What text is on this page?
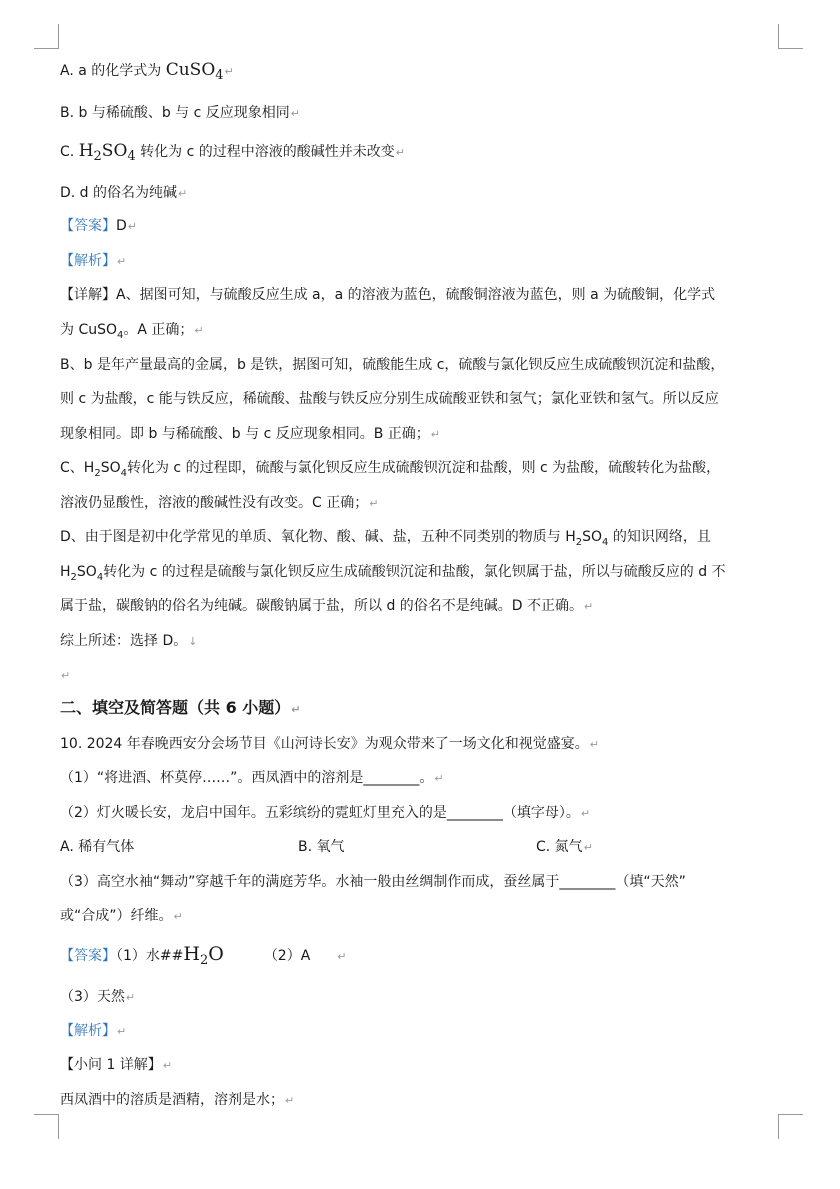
A. a 的化学式为 CuSO$_4$↵
B. b 与稀硫酸、b 与 c 反应现象相同↵
C. $H_2SO_4$ 转化为 c 的过程中溶液的酸碱性并未改变↵
D. d 的俗名为纯碱↵
【答案】D↵
【解析】↵
【详解】A、据图可知，与硫酸反应生成 a，a 的溶液为蓝色，硫酸铜溶液为蓝色，则 a 为硫酸铜，化学式
为 CuSO$_4$。A 正确；↵
B、b 是年产量最高的金属，b 是铁，据图可知，硫酸能生成 c，硫酸与氯化钡反应生成硫酸钡沉淀和盐酸，
则 c 为盐酸，c 能与铁反应，稀硫酸、盐酸与铁反应分别生成硫酸亚铁和氢气；氯化亚铁和氢气。所以反应
现象相同。即 b 与稀硫酸、b 与 c 反应现象相同。B 正确；↵
C、$H_2SO_4$转化为 c 的过程即，硫酸与氯化钡反应生成硫酸钡沉淀和盐酸，则 c 为盐酸，硫酸转化为盐酸，
溶液仍显酸性，溶液的酸碱性没有改变。C 正确；↵
D、由于图是初中化学常见的单质、氧化物、酸、碱、盐，五种不同类别的物质与 $H_2SO_4$ 的知识网络，且
$H_2SO_4$转化为 c 的过程是硫酸与氯化钡反应生成硫酸钡沉淀和盐酸，氯化钡属于盐，所以与硫酸反应的 d 不
属于盐，碳酸钠的俗名为纯碱。碳酸钠属于盐，所以 d 的俗名不是纯碱。D 不正确。↵
综上所述：选择 D。↓
↵
二、填空及简答题（共 6 小题）↵
10. 2024 年春晚西安分会场节目《山河诗长安》为观众带来了一场文化和视觉盛宴。↵
（1）“将进酒、杯莫停……”。西凤酒中的溶剂是________。↵
（2）灯火暖长安，龙启中国年。五彩缤纷的霓虹灯里充入的是________（填字母）。↵
A. 稀有气体	B. 氧气	C. 氮气↵
（3）高空水袖“舞动”穿越千年的满庭芳华。水袖一般由丝绸制作而成，蚕丝属于________（填“天然”
或“合成”）纤维。↵
【答案】（1）水$\#\#H_2O$	（2）A ↵
（3）天然↵
【解析】↵
【小问 1 详解】↵
西凤酒中的溶质是酒精，溶剂是水；↵
